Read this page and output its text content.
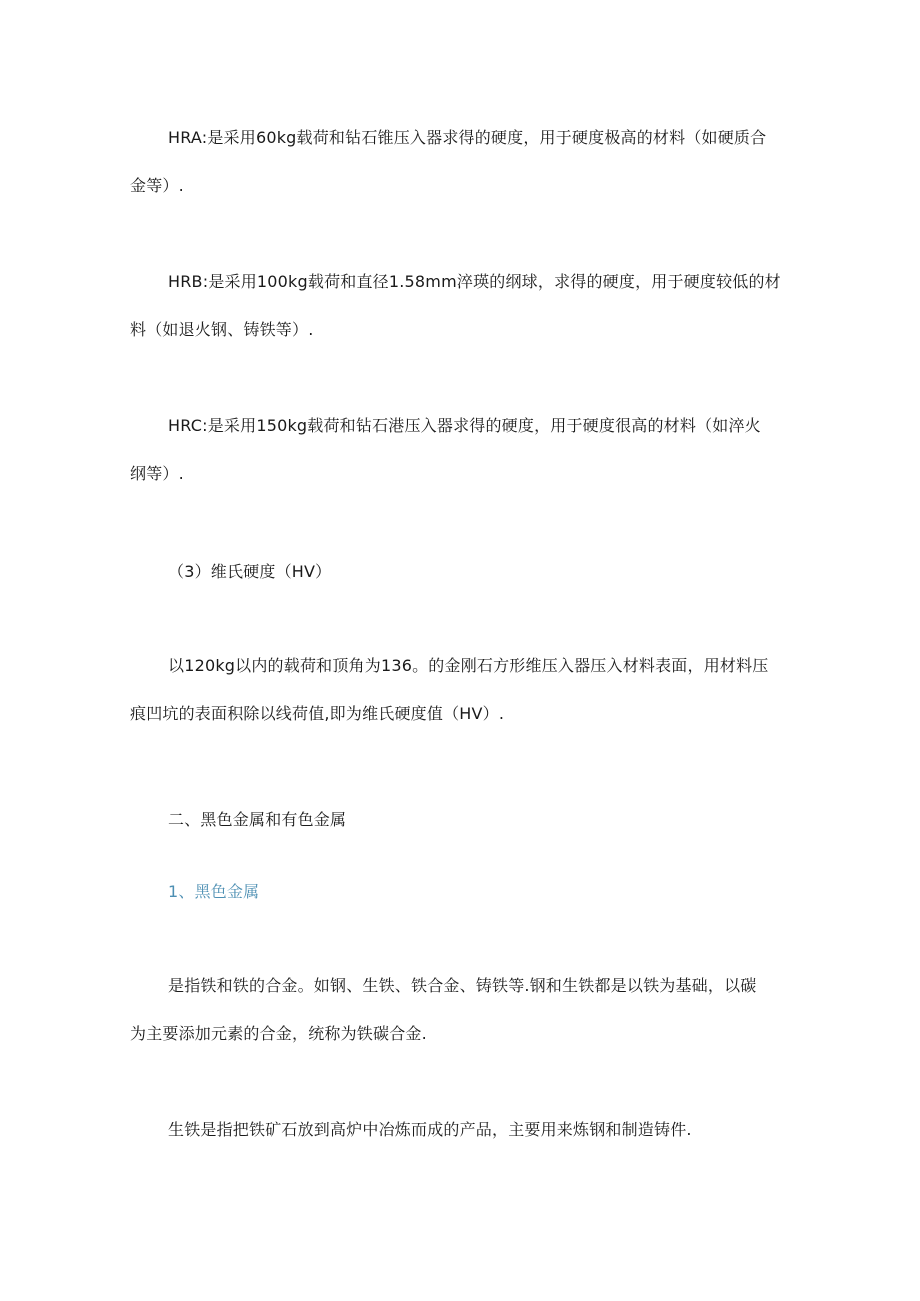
HRA:是采用60kg载荷和钻石锥压入器求得的硬度，用于硬度极高的材料（如硬质合
金等）.
HRB:是采用100kg载荷和直径1.58mm淬瑛的纲球，求得的硬度，用于硬度较低的材
料（如退火钢、铸铁等）.
HRC:是采用150kg载荷和钻石港压入器求得的硬度，用于硬度很高的材料（如淬火
纲等）.
（3）维氏硬度（HV）
以120kg以内的载荷和顶角为136。的金刚石方形维压入器压入材料表面，用材料压
痕凹坑的表面积除以线荷值,即为维氏硬度值（HV）.
二、黑色金属和有色金属
1、黑色金属
是指铁和铁的合金。如钢、生铁、铁合金、铸铁等.钢和生铁都是以铁为基础，以碳
为主要添加元素的合金，统称为铁碳合金.
生铁是指把铁矿石放到高炉中冶炼而成的产品，主要用来炼钢和制造铸件.
